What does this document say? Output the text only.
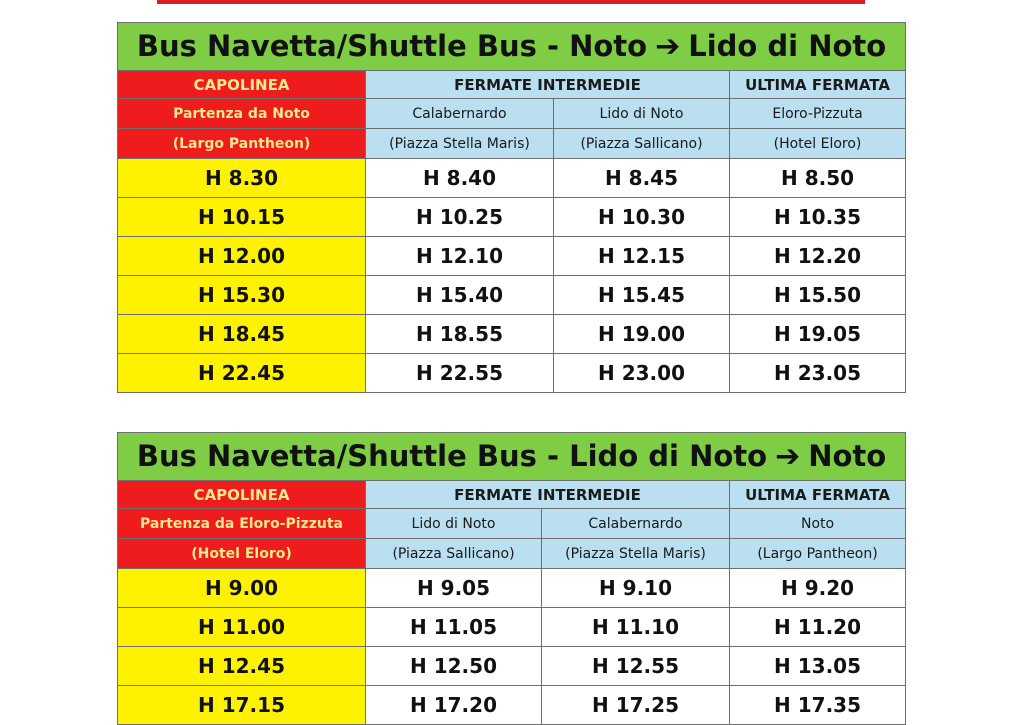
Bus Navetta/Shuttle Bus - Noto ➔ Lido di Noto			
CAPOLINEA	FERMATE INTERMEDIE		ULTIMA FERMATA
Partenza da Noto	Calabernardo	Lido di Noto	Eloro-Pizzuta
(Largo Pantheon)	(Piazza Stella Maris)	(Piazza Sallicano)	(Hotel Eloro)
H 8.30	H 8.40	H 8.45	H 8.50
H 10.15	H 10.25	H 10.30	H 10.35
H 12.00	H 12.10	H 12.15	H 12.20
H 15.30	H 15.40	H 15.45	H 15.50
H 18.45	H 18.55	H 19.00	H 19.05
H 22.45	H 22.55	H 23.00	H 23.05
Bus Navetta/Shuttle Bus - Lido di Noto ➔ Noto			
CAPOLINEA	FERMATE INTERMEDIE		ULTIMA FERMATA
Partenza da Eloro-Pizzuta	Lido di Noto	Calabernardo	Noto
(Hotel Eloro)	(Piazza Sallicano)	(Piazza Stella Maris)	(Largo Pantheon)
H 9.00	H 9.05	H 9.10	H 9.20
H 11.00	H 11.05	H 11.10	H 11.20
H 12.45	H 12.50	H 12.55	H 13.05
H 17.15	H 17.20	H 17.25	H 17.35
